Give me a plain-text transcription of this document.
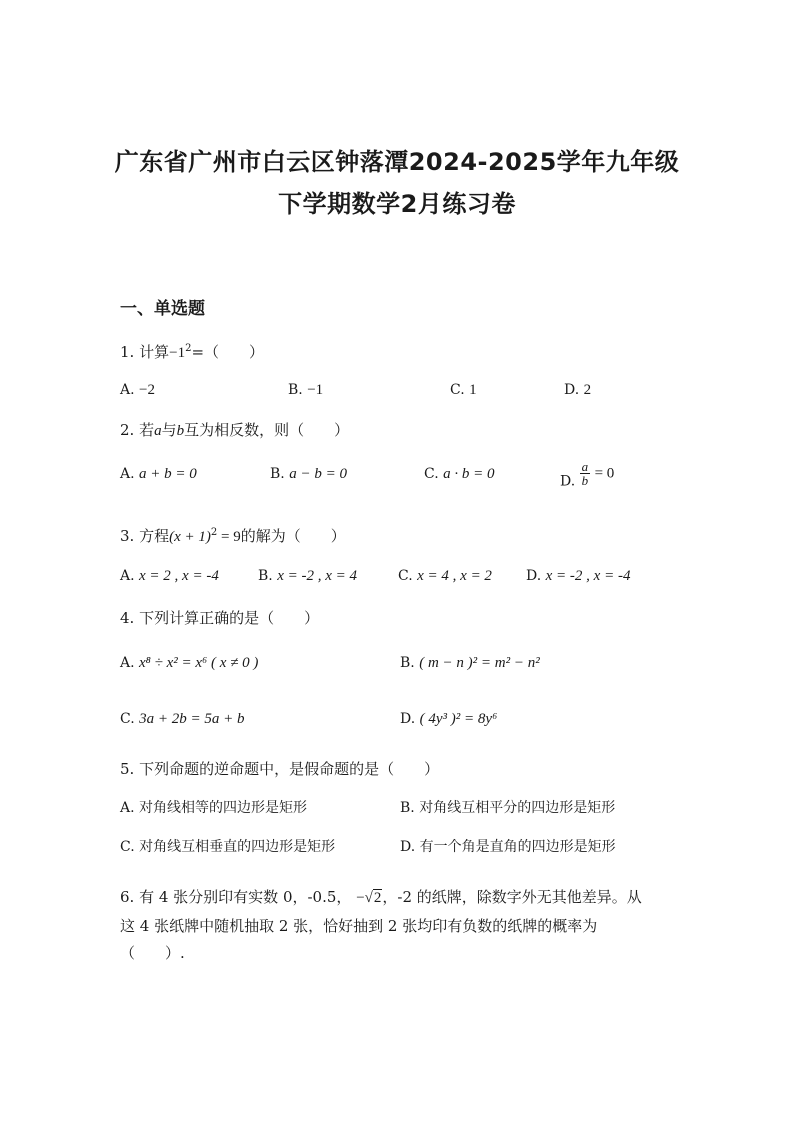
广东省广州市白云区钟落潭2024-2025学年九年级
下学期数学2月练习卷
一、单选题
1. 计算$-1^2=$（　　）
A. −2	B. −1	C. 1	D. 2
2. 若a与b互为相反数，则（　　）
A. a + b = 0	B. a − b = 0	C. a · b = 0	D. $\frac{a}{b} = 0$
3. 方程$(x + 1)^2 = 9$的解为（　　）
A. x = 2 , x = -4	B. x = -2 , x = 4	C. x = 4 , x = 2 D. x = -2 , x = -4
4. 下列计算正确的是（　　）
A. x⁸ ÷ x² = x⁶ ( x ≠ 0 )	B. ( m − n )² = m² − n²
C. 3a + 2b = 5a + b	D. ( 4y³ )² = 8y⁶
5. 下列命题的逆命题中，是假命题的是（　　）
A. 对角线相等的四边形是矩形	B. 对角线互相平分的四边形是矩形
C. 对角线互相垂直的四边形是矩形	D. 有一个角是直角的四边形是矩形
6. 有 4 张分别印有实数 0，-0.5， −√2，-2 的纸牌，除数字外无其他差异。从
这 4 张纸牌中随机抽取 2 张，恰好抽到 2 张均印有负数的纸牌的概率为
（　　）.
